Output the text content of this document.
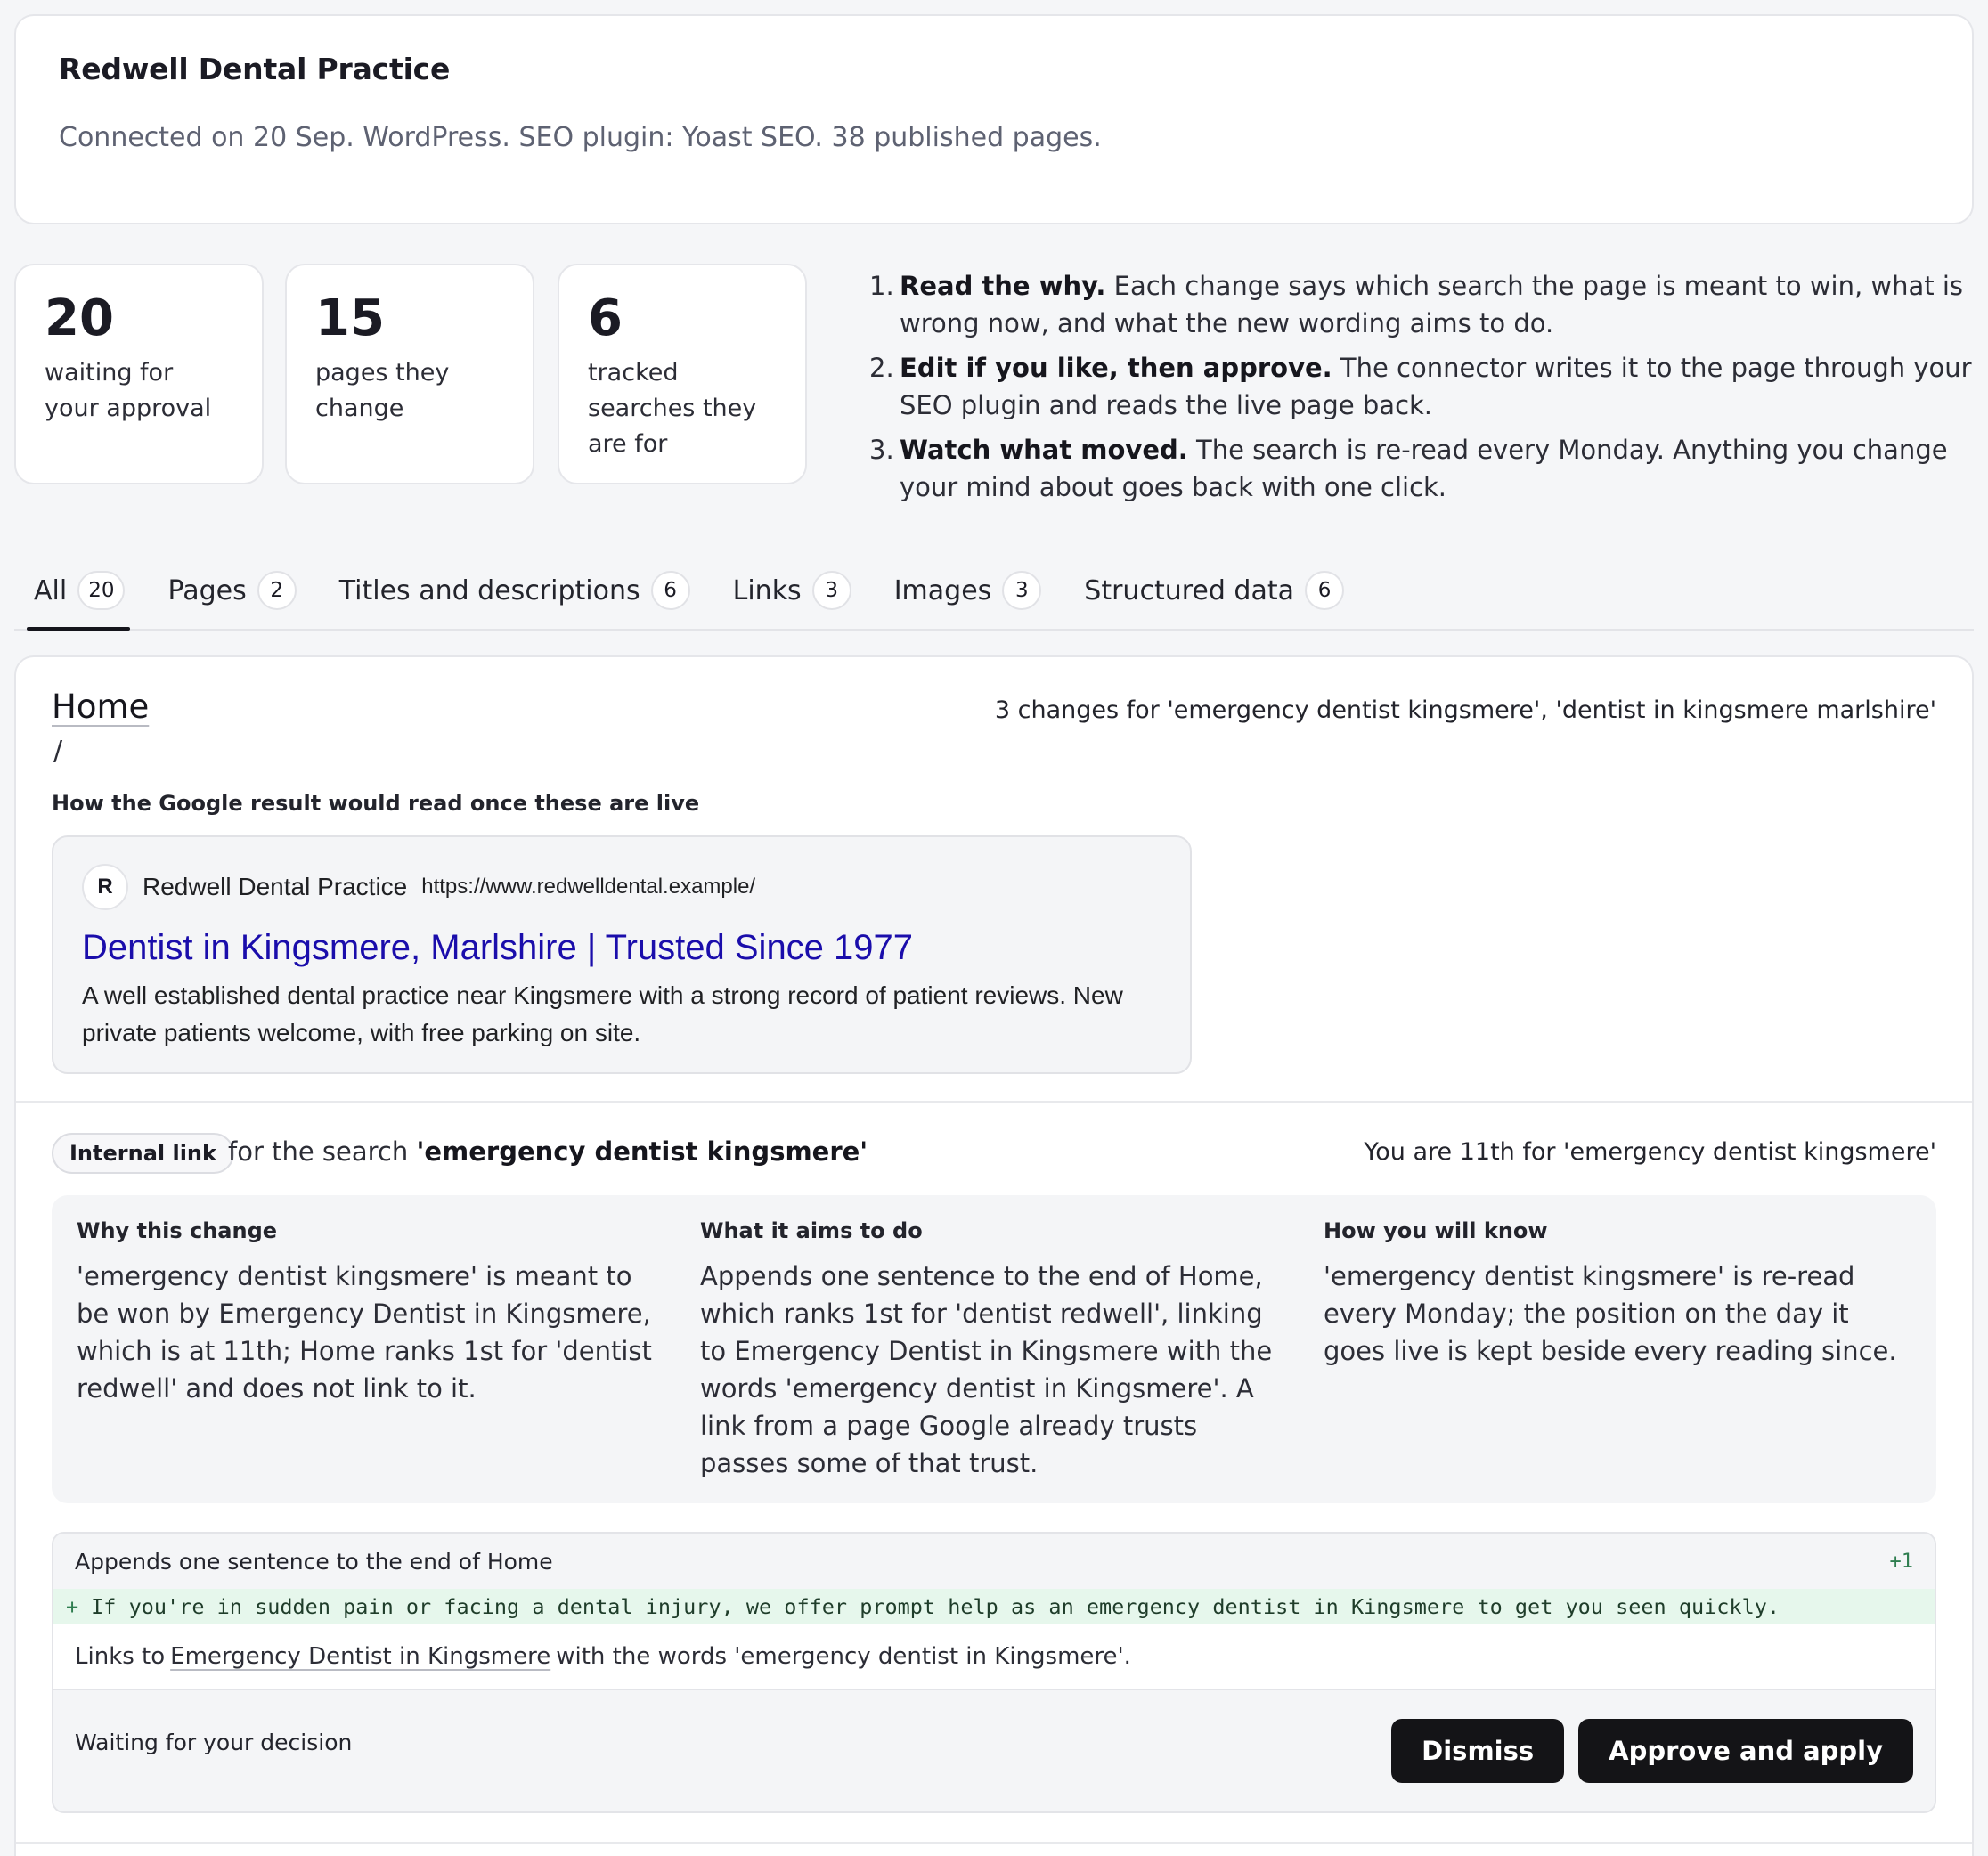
Redwell Dental Practice
Connected on 20 Sep. WordPress. SEO plugin: Yoast SEO. 38 published pages.
20
waiting for your approval
15
pages they change
6
tracked searches they are for
1. Read the why. Each change says which search the page is meant to win, what is wrong now, and what the new wording aims to do.
2. Edit if you like, then approve. The connector writes it to the page through your SEO plugin and reads the live page back.
3. Watch what moved. The search is re-read every Monday. Anything you change your mind about goes back with one click.
All	20	Pages	2	Titles and descriptions	6	Links	3	Images	3	Structured data	6
Home
/
3 changes for 'emergency dentist kingsmere', 'dentist in kingsmere marlshire'
How the Google result would read once these are live
R	Redwell Dental Practice https://www.redwelldental.example/
Dentist in Kingsmere, Marlshire | Trusted Since 1977
A well established dental practice near Kingsmere with a strong record of patient reviews. New private patients welcome, with free parking on site.
Internal link for the search 'emergency dentist kingsmere'	You are 11th for 'emergency dentist kingsmere'
Why this change
'emergency dentist kingsmere' is meant to be won by Emergency Dentist in Kingsmere, which is at 11th; Home ranks 1st for 'dentist redwell' and does not link to it.
What it aims to do
Appends one sentence to the end of Home, which ranks 1st for 'dentist redwell', linking to Emergency Dentist in Kingsmere with the words 'emergency dentist in Kingsmere'. A link from a page Google already trusts passes some of that trust.
How you will know
'emergency dentist kingsmere' is re-read every Monday; the position on the day it goes live is kept beside every reading since.
Appends one sentence to the end of Home	+1
+ If you're in sudden pain or facing a dental injury, we offer prompt help as an emergency dentist in Kingsmere to get you seen quickly.
Links to Emergency Dentist in Kingsmere with the words 'emergency dentist in Kingsmere'.
Waiting for your decision	Dismiss	Approve and apply
